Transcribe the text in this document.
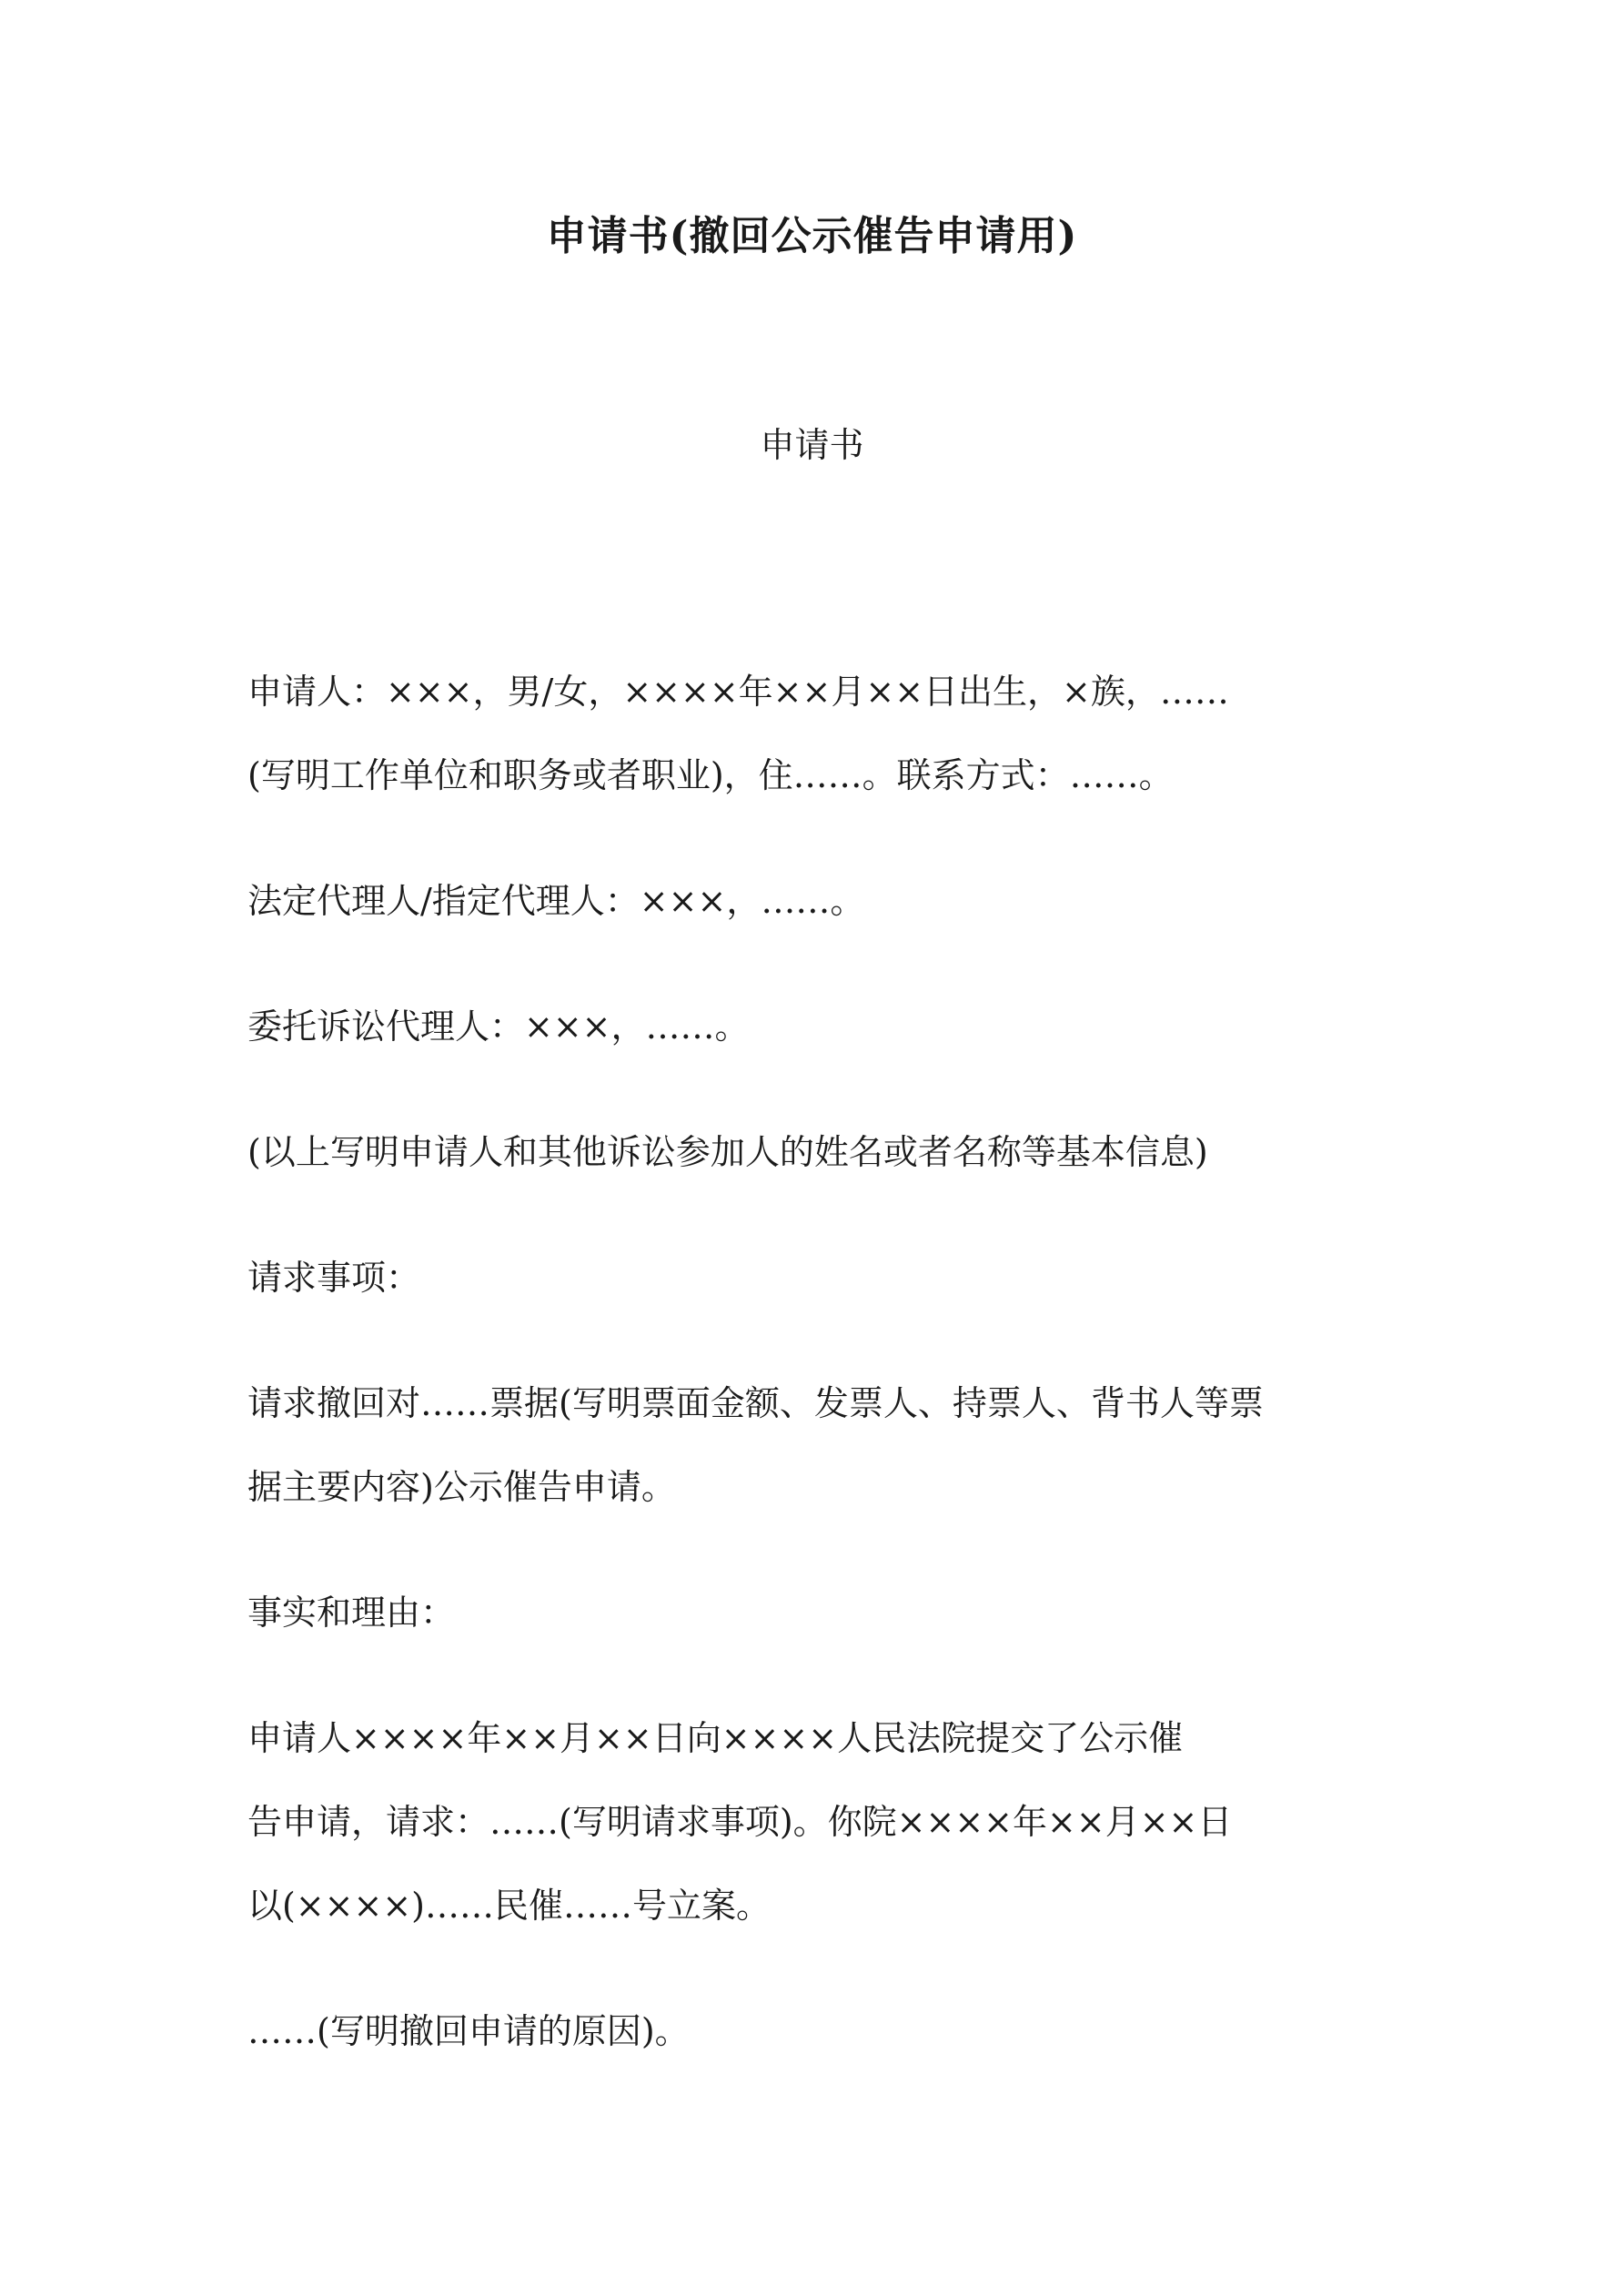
申请书(撤回公示催告申请用)
申请书
申请人：×××，男/女，××××年××月××日出生，×族，……
(写明工作单位和职务或者职业)，住……。联系方式：……。
法定代理人/指定代理人：×××，……。
委托诉讼代理人：×××，……。
(以上写明申请人和其他诉讼参加人的姓名或者名称等基本信息)
请求事项：
请求撤回对……票据(写明票面金额、发票人、持票人、背书人等票
据主要内容)公示催告申请。
事实和理由：
申请人××××年××月××日向××××人民法院提交了公示催
告申请，请求：……(写明请求事项)。你院××××年××月××日
以(××××)……民催……号立案。
……(写明撤回申请的原因)。
